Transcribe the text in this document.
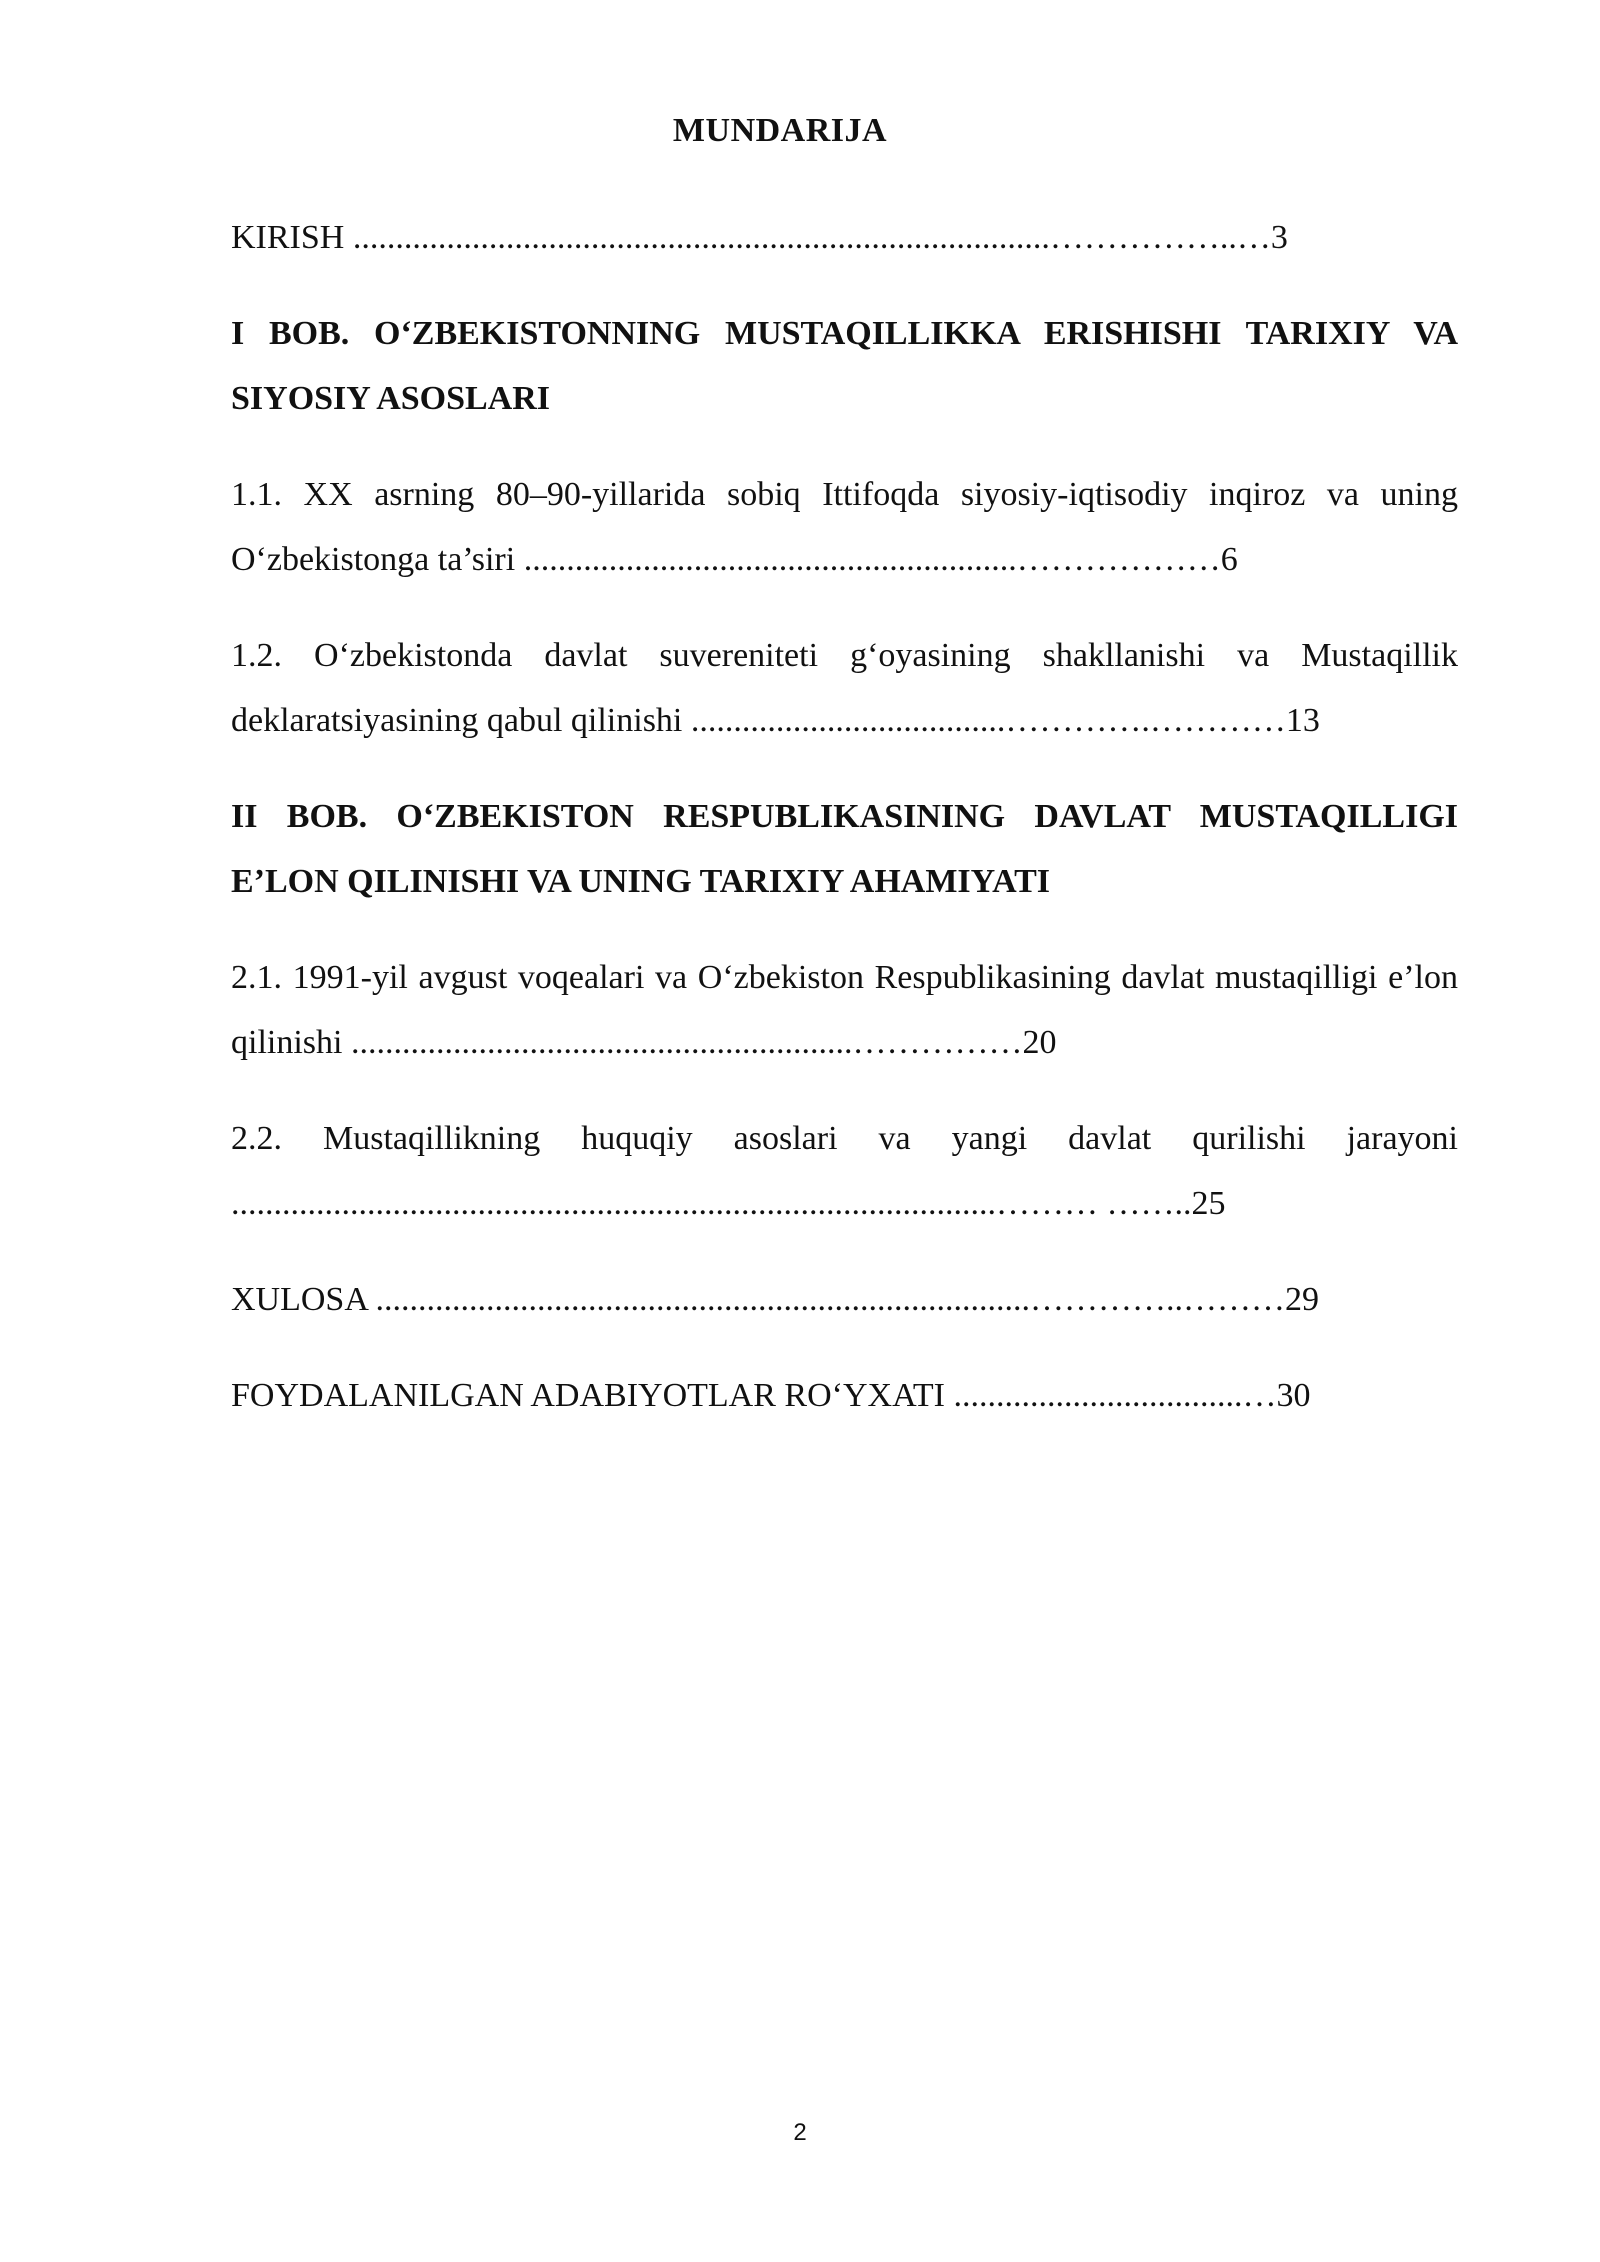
MUNDARIJA
KIRISH ..................................................................................……………..…3
I BOB. O‘ZBEKISTONNING MUSTAQILLIKKA ERISHISHI TARIXIY VA SIYOSIY ASOSLARI
1.1. XX asrning 80–90-yillarida sobiq Ittifoqda siyosiy-iqtisodiy inqiroz va uning O‘zbekistonga ta’siri ..........................................................………………6
1.2. O‘zbekistonda davlat suvereniteti g‘oyasining shakllanishi va Mustaqillik deklaratsiyasining qabul qilinishi .....................................………….…………13
II BOB. O‘ZBEKISTON RESPUBLIKASINING DAVLAT MUSTAQILLIGI E’LON QILINISHI VA UNING TARIXIY AHAMIYATI
2.1. 1991-yil avgust voqealari va O‘zbekiston Respublikasining davlat mustaqilligi e’lon qilinishi ...........................................................……………20
2.2. Mustaqillikning huquqiy asoslari va yangi davlat qurilishi jarayoni ..........................................................................................……… ……..25
XULOSA .............................................................................…………..………29
FOYDALANILGAN ADABIYOTLAR RO‘YXATI ..................................…30
2
